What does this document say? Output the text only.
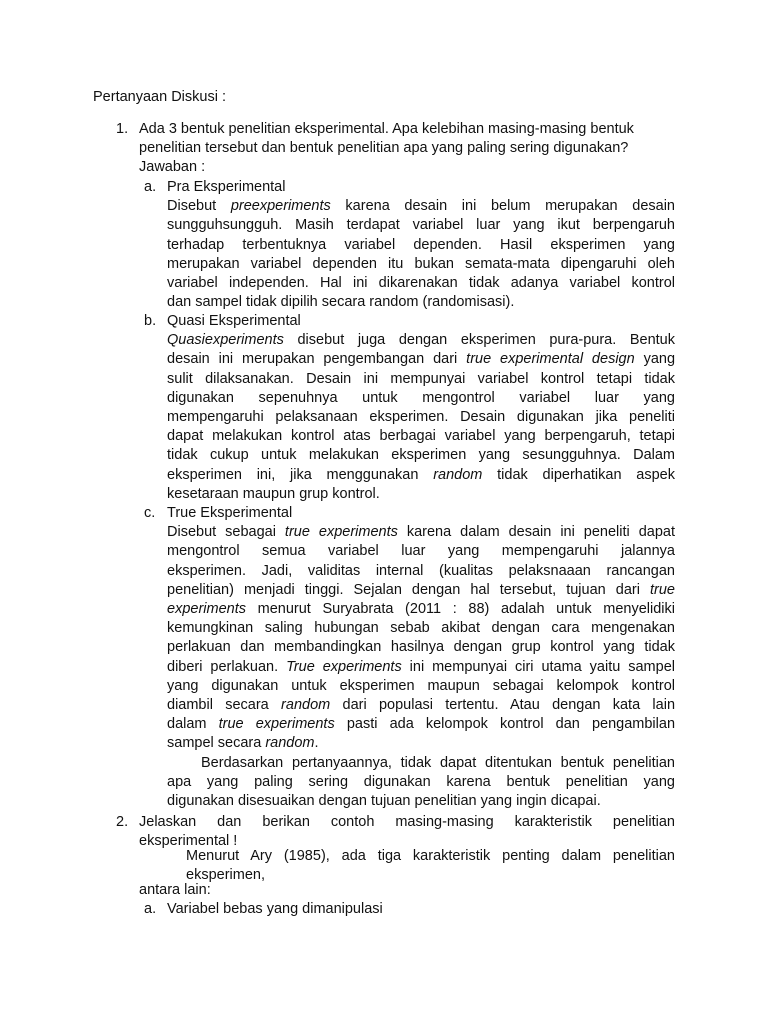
Pertanyaan Diskusi :
1. Ada 3 bentuk penelitian eksperimental. Apa kelebihan masing-masing bentuk
penelitian tersebut dan bentuk penelitian apa yang paling sering digunakan?
Jawaban :
a. Pra Eksperimental
Disebut preexperiments karena desain ini belum merupakan desain
sungguhsungguh. Masih terdapat variabel luar yang ikut berpengaruh
terhadap terbentuknya variabel dependen. Hasil eksperimen yang
merupakan variabel dependen itu bukan semata-mata dipengaruhi oleh
variabel independen. Hal ini dikarenakan tidak adanya variabel kontrol
dan sampel tidak dipilih secara random (randomisasi).
b. Quasi Eksperimental
Quasiexperiments disebut juga dengan eksperimen pura-pura. Bentuk
desain ini merupakan pengembangan dari true experimental design yang
sulit dilaksanakan. Desain ini mempunyai variabel kontrol tetapi tidak
digunakan sepenuhnya untuk mengontrol variabel luar yang
mempengaruhi pelaksanaan eksperimen. Desain digunakan jika peneliti
dapat melakukan kontrol atas berbagai variabel yang berpengaruh, tetapi
tidak cukup untuk melakukan eksperimen yang sesungguhnya. Dalam
eksperimen ini, jika menggunakan random tidak diperhatikan aspek
kesetaraan maupun grup kontrol.
c. True Eksperimental
Disebut sebagai true experiments karena dalam desain ini peneliti dapat
mengontrol semua variabel luar yang mempengaruhi jalannya
eksperimen. Jadi, validitas internal (kualitas pelaksnaaan rancangan
penelitian) menjadi tinggi. Sejalan dengan hal tersebut, tujuan dari true
experiments menurut Suryabrata (2011 : 88) adalah untuk menyelidiki
kemungkinan saling hubungan sebab akibat dengan cara mengenakan
perlakuan dan membandingkan hasilnya dengan grup kontrol yang tidak
diberi perlakuan. True experiments ini mempunyai ciri utama yaitu sampel
yang digunakan untuk eksperimen maupun sebagai kelompok kontrol
diambil secara random dari populasi tertentu. Atau dengan kata lain
dalam true experiments pasti ada kelompok kontrol dan pengambilan
sampel secara random.
Berdasarkan pertanyaannya, tidak dapat ditentukan bentuk penelitian
apa yang paling sering digunakan karena bentuk penelitian yang
digunakan disesuaikan dengan tujuan penelitian yang ingin dicapai.
2. Jelaskan dan berikan contoh masing-masing karakteristik penelitian
eksperimental !
Menurut Ary (1985), ada tiga karakteristik penting dalam penelitian
eksperimen,
antara lain:
a. Variabel bebas yang dimanipulasi
